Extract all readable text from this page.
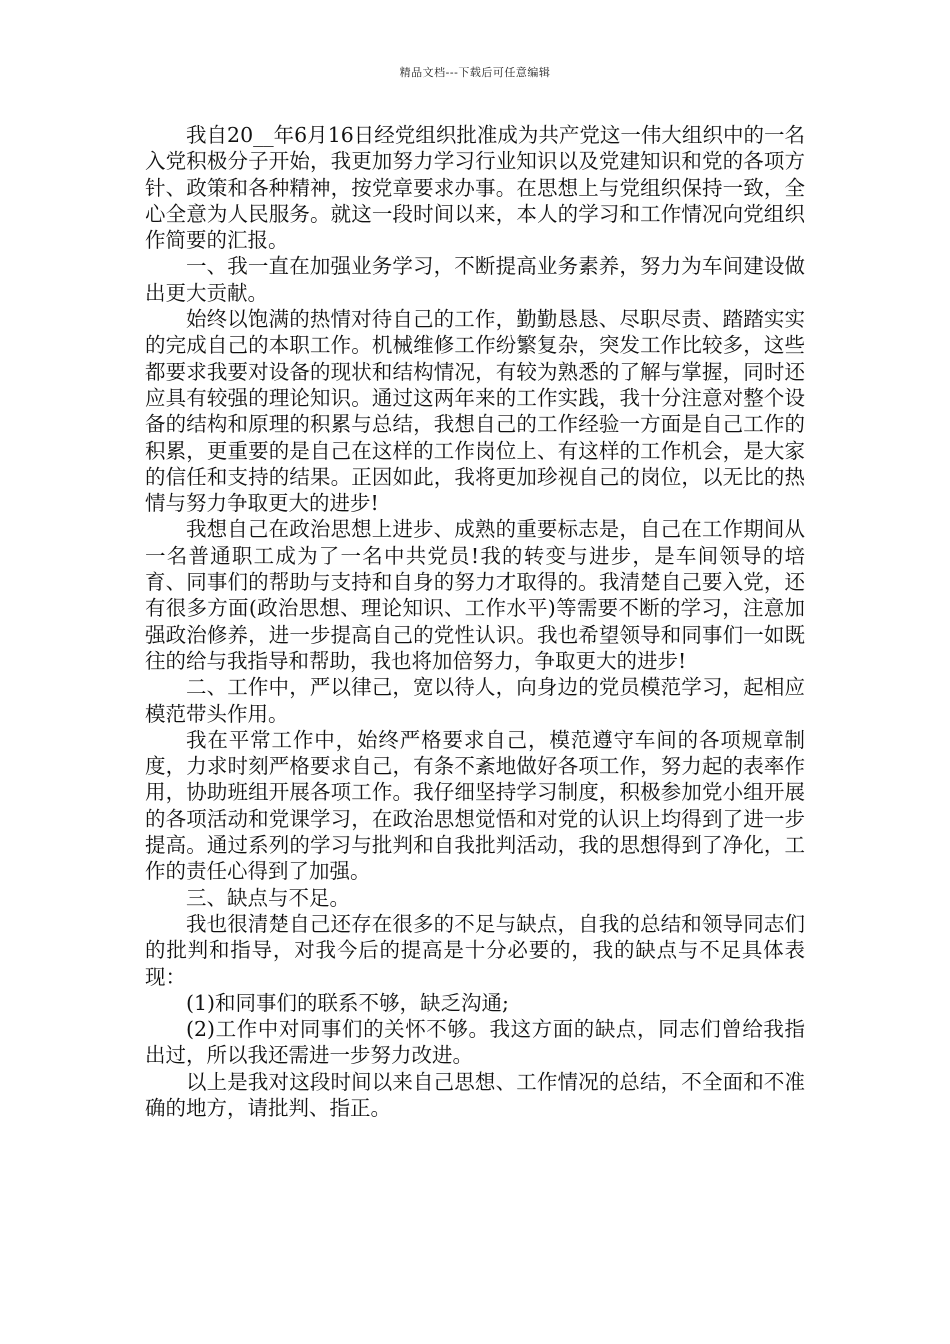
精品文档---下载后可任意编辑

我自20__年6月16日经党组织批准成为共产党这一伟大组织中的一名入党积极分子开始，我更加努力学习行业知识以及党建知识和党的各项方针、政策和各种精神，按党章要求办事。在思想上与党组织保持一致，全心全意为人民服务。就这一段时间以来，本人的学习和工作情况向党组织作简要的汇报。

一、我一直在加强业务学习，不断提高业务素养，努力为车间建设做出更大贡献。

始终以饱满的热情对待自己的工作，勤勤恳恳、尽职尽责、踏踏实实的完成自己的本职工作。机械维修工作纷繁复杂，突发工作比较多，这些都要求我要对设备的现状和结构情况，有较为熟悉的了解与掌握，同时还应具有较强的理论知识。通过这两年来的工作实践，我十分注意对整个设备的结构和原理的积累与总结，我想自己的工作经验一方面是自己工作的积累，更重要的是自己在这样的工作岗位上、有这样的工作机会，是大家的信任和支持的结果。正因如此，我将更加珍视自己的岗位，以无比的热情与努力争取更大的进步!

我想自己在政治思想上进步、成熟的重要标志是，自己在工作期间从一名普通职工成为了一名中共党员!我的转变与进步，是车间领导的培育、同事们的帮助与支持和自身的努力才取得的。我清楚自己要入党，还有很多方面(政治思想、理论知识、工作水平)等需要不断的学习，注意加强政治修养，进一步提高自己的党性认识。我也希望领导和同事们一如既往的给与我指导和帮助，我也将加倍努力，争取更大的进步!

二、工作中，严以律己，宽以待人，向身边的党员模范学习，起相应模范带头作用。

我在平常工作中，始终严格要求自己，模范遵守车间的各项规章制度，力求时刻严格要求自己，有条不紊地做好各项工作，努力起的表率作用，协助班组开展各项工作。我仔细坚持学习制度，积极参加党小组开展的各项活动和党课学习，在政治思想觉悟和对党的认识上均得到了进一步提高。通过系列的学习与批判和自我批判活动，我的思想得到了净化，工作的责任心得到了加强。

三、缺点与不足。

我也很清楚自己还存在很多的不足与缺点，自我的总结和领导同志们的批判和指导，对我今后的提高是十分必要的，我的缺点与不足具体表现：

(1)和同事们的联系不够，缺乏沟通;

(2)工作中对同事们的关怀不够。我这方面的缺点，同志们曾给我指出过，所以我还需进一步努力改进。

以上是我对这段时间以来自己思想、工作情况的总结，不全面和不准确的地方，请批判、指正。
